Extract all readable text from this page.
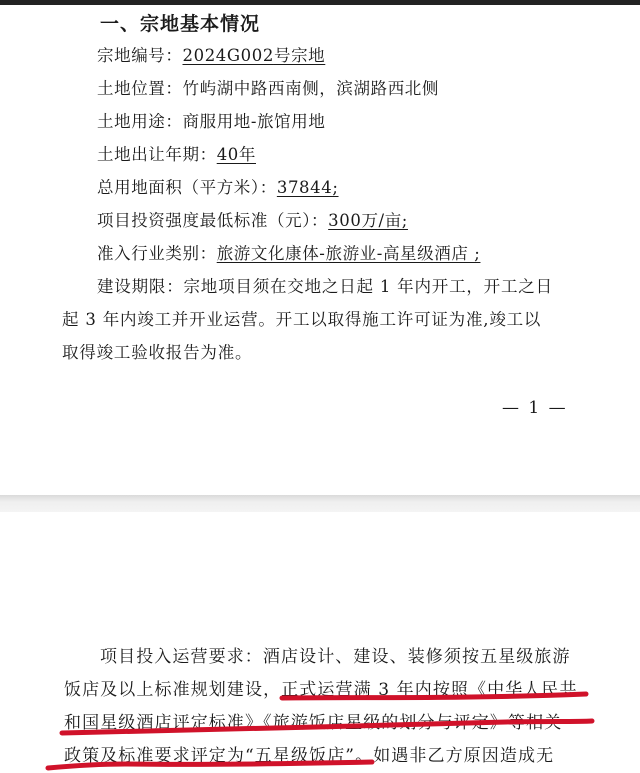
一、宗地基本情况
宗地编号：2024G002号宗地
土地位置：竹屿湖中路西南侧，滨湖路西北侧
土地用途：商服用地-旅馆用地
土地出让年期：40年
总用地面积（平方米）：37844;
项目投资强度最低标准（元）：300万/亩;
准入行业类别：旅游文化康体-旅游业-高星级酒店 ;
建设期限：宗地项目须在交地之日起 1 年内开工，开工之日
起 3 年内竣工并开业运营。开工以取得施工许可证为准,竣工以
取得竣工验收报告为准。
— 1 —
项目投入运营要求：酒店设计、建设、装修须按五星级旅游
饭店及以上标准规划建设，正式运营满 3 年内按照《中华人民共
和国星级酒店评定标准》《旅游饭店星级的划分与评定》等相关
政策及标准要求评定为“五星级饭店”。如遇非乙方原因造成无
